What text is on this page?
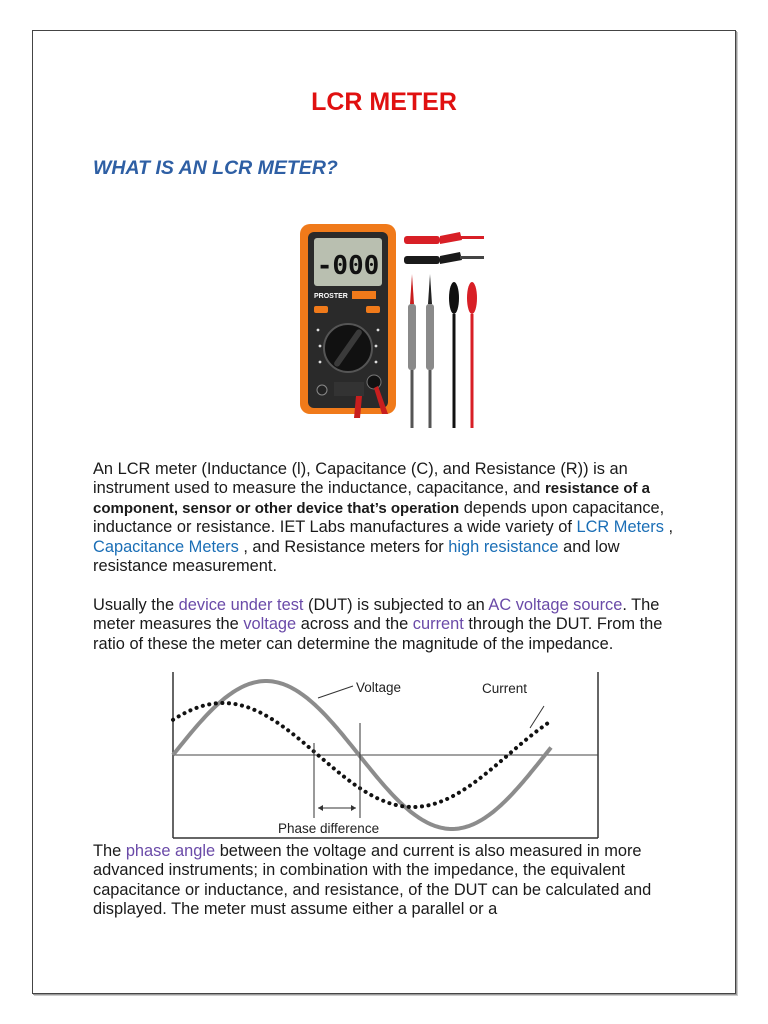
LCR METER
WHAT IS AN LCR METER?
-000
PROSTER

An LCR meter (Inductance (l), Capacitance (C), and Resistance (R)) is an instrument used to measure the inductance, capacitance, and resistance of a component, sensor or other device that’s operation depends upon capacitance, inductance or resistance. IET Labs manufactures a wide variety of LCR Meters , Capacitance Meters , and Resistance meters for high resistance and low resistance measurement.

Usually the device under test (DUT) is subjected to an AC voltage source. The meter measures the voltage across and the current through the DUT. From the ratio of these the meter can determine the magnitude of the impedance.

Voltage	Current
Phase difference

The phase angle between the voltage and current is also measured in more advanced instruments; in combination with the impedance, the equivalent capacitance or inductance, and resistance, of the DUT can be calculated and displayed. The meter must assume either a parallel or a
